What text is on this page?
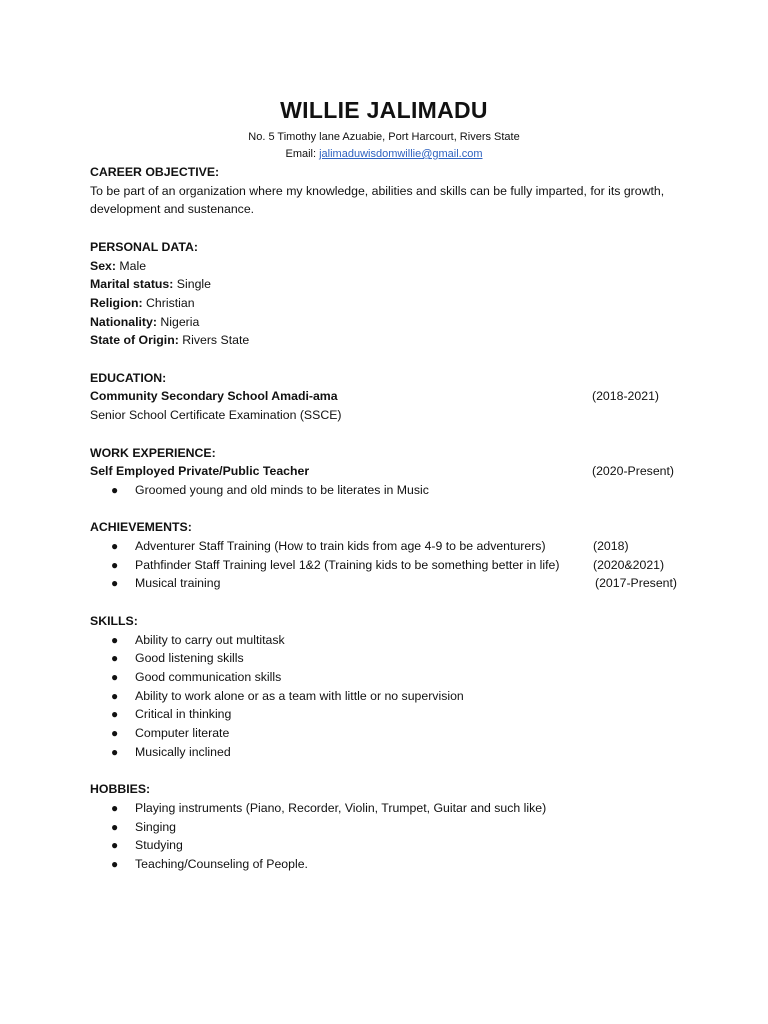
WILLIE JALIMADU
No. 5 Timothy lane Azuabie, Port Harcourt, Rivers State
Email: jalimaduwisdomwillie@gmail.com

CAREER OBJECTIVE:

To be part of an organization where my knowledge, abilities and skills can be fully imparted, for its growth, development and sustenance.

PERSONAL DATA:

Sex: Male

Marital status: Single

Religion: Christian

Nationality: Nigeria

State of Origin: Rivers State

EDUCATION:

Community Secondary School Amadi-ama	(2018-2021)

Senior School Certificate Examination (SSCE)

WORK EXPERIENCE:

Self Employed Private/Public Teacher	(2020-Present)
● Groomed young and old minds to be literates in Music

ACHIEVEMENTS:

● Adventurer Staff Training (How to train kids from age 4-9 to be adventurers)	(2018)
● Pathfinder Staff Training level 1&2 (Training kids to be something better in life)	(2020&2021)
● Musical training	(2017-Present)

SKILLS:

● Ability to carry out multitask
● Good listening skills
● Good communication skills
● Ability to work alone or as a team with little or no supervision
● Critical in thinking
● Computer literate
● Musically inclined

HOBBIES:

● Playing instruments (Piano, Recorder, Violin, Trumpet, Guitar and such like)
● Singing
● Studying
● Teaching/Counseling of People.
